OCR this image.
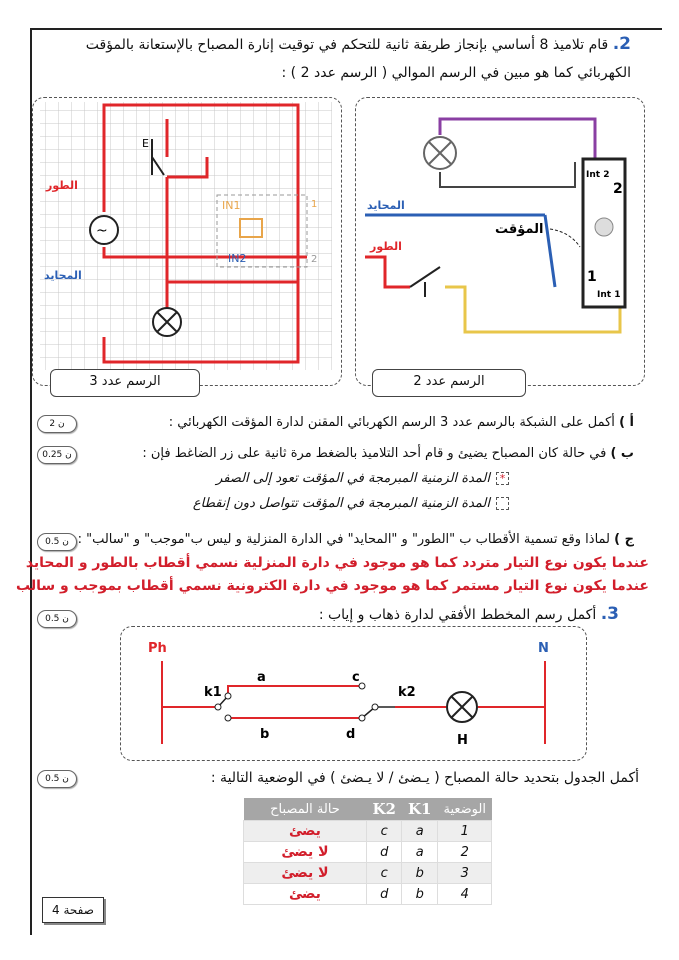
2. قام تلاميذ 8 أساسي بإنجاز طريقة ثانية للتحكم في توقيت إنارة المصباح بالإستعانة بالمؤقت
الكهربائي كما هو مبين في الرسم الموالي ( الرسم عدد 2 ) :
E
~
IN1
IN2
1
2
الطور
المحايد
الرسم عدد 3
Int 2
2
Int 1
1
المؤقت
المحايد
الطور
الرسم عدد 2
2 ن	أ ) أكمل على الشبكة بالرسم عدد 3 الرسم الكهربائي المقنن لدارة المؤقت الكهربائي :
0.25 ن	ب ) في حالة كان المصباح يضيئ و قام أحد التلاميذ بالضغط مرة ثانية على زر الضاغط فإن :
*المدة الزمنية المبرمجة في المؤقت تعود إلى الصفر
المدة الزمنية المبرمجة في المؤقت تتواصل دون إنقطاع
0.5 ن	ج ) لماذا وقع تسمية الأقطاب ب "الطور" و "المحايد" في الدارة المنزلية و ليس ب"موجب" و "سالب" :
عندما يكون نوع التيار متردد كما هو موجود في دارة المنزلية نسمي أقطاب بالطور و المحايد
عندما يكون نوع التيار مستمر كما هو موجود في دارة الكترونية نسمي أقطاب بموجب و سالب
0.5 ن	3. أكمل رسم المخطط الأفقي لدارة ذهاب و إياب :
Ph	N
k1	k2
a
b
c
d	H
0.5 ن	أكمل الجدول بتحديد حالة المصباح ( يـضئ / لا يـضئ ) في الوضعية التالية :
الوضعية	K1	K2	حالة المصباح
1	a	c	يضئ
2	a	d	لا يضئ
3	b	c	لا يضئ
4	b	d	يضئ
صفحة 4
